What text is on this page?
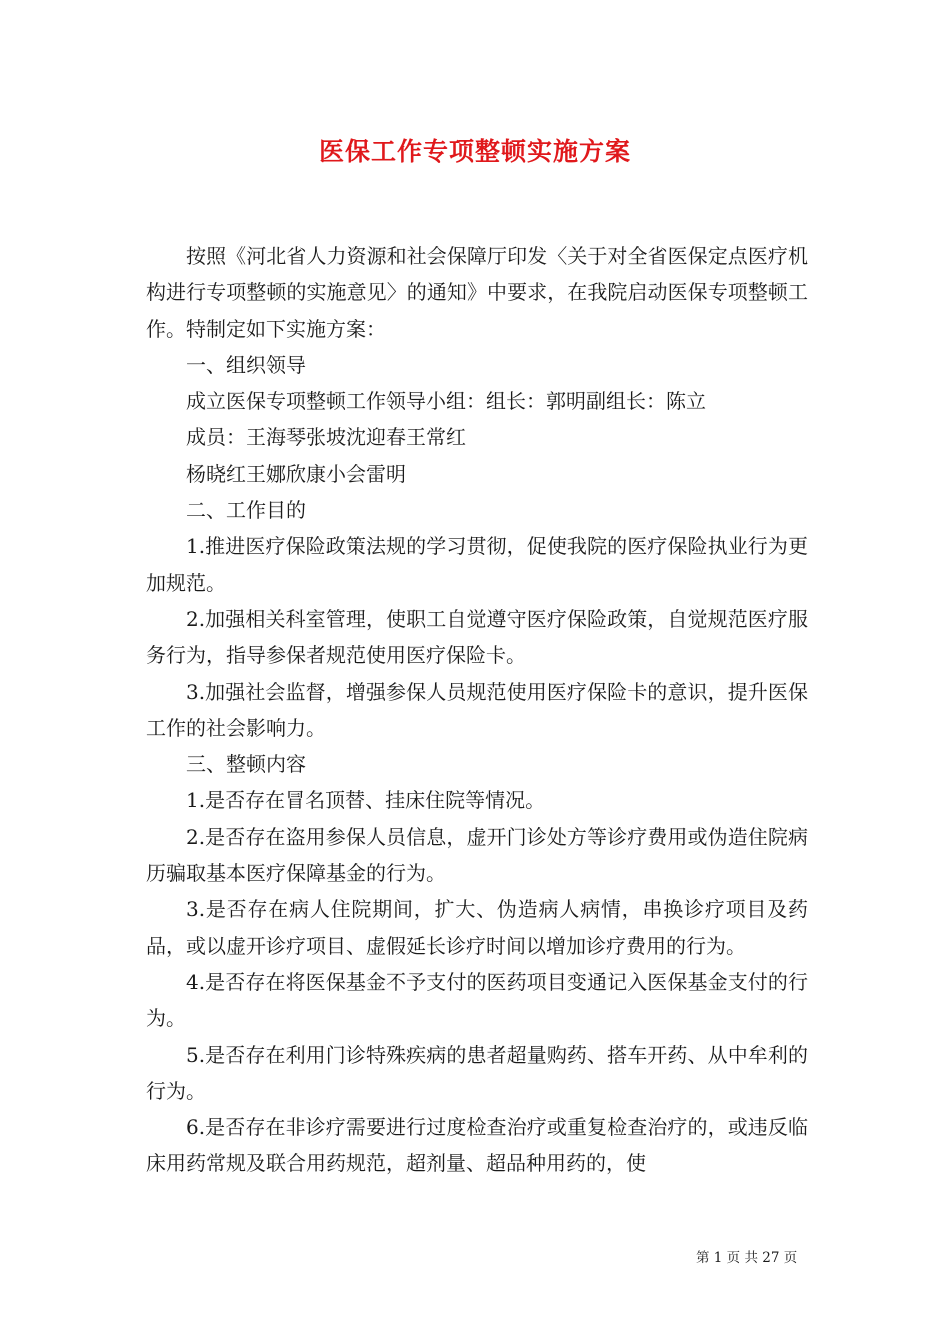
医保工作专项整顿实施方案

按照《河北省人力资源和社会保障厅印发〈关于对全省医保定点医疗机构进行专项整顿的实施意见〉的通知》中要求，在我院启动医保专项整顿工作。特制定如下实施方案：

一、组织领导

成立医保专项整顿工作领导小组：组长：郭明副组长：陈立

成员：王海琴张坡沈迎春王常红

杨晓红王娜欣康小会雷明

二、工作目的

1.推进医疗保险政策法规的学习贯彻，促使我院的医疗保险执业行为更加规范。

2.加强相关科室管理，使职工自觉遵守医疗保险政策，自觉规范医疗服务行为，指导参保者规范使用医疗保险卡。

3.加强社会监督，增强参保人员规范使用医疗保险卡的意识，提升医保工作的社会影响力。

三、整顿内容

1.是否存在冒名顶替、挂床住院等情况。

2.是否存在盗用参保人员信息，虚开门诊处方等诊疗费用或伪造住院病历骗取基本医疗保障基金的行为。

3.是否存在病人住院期间，扩大、伪造病人病情，串换诊疗项目及药品，或以虚开诊疗项目、虚假延长诊疗时间以增加诊疗费用的行为。

4.是否存在将医保基金不予支付的医药项目变通记入医保基金支付的行为。

5.是否存在利用门诊特殊疾病的患者超量购药、搭车开药、从中牟利的行为。

6.是否存在非诊疗需要进行过度检查治疗或重复检查治疗的，或违反临床用药常规及联合用药规范，超剂量、超品种用药的，使

第 1 页 共 27 页
